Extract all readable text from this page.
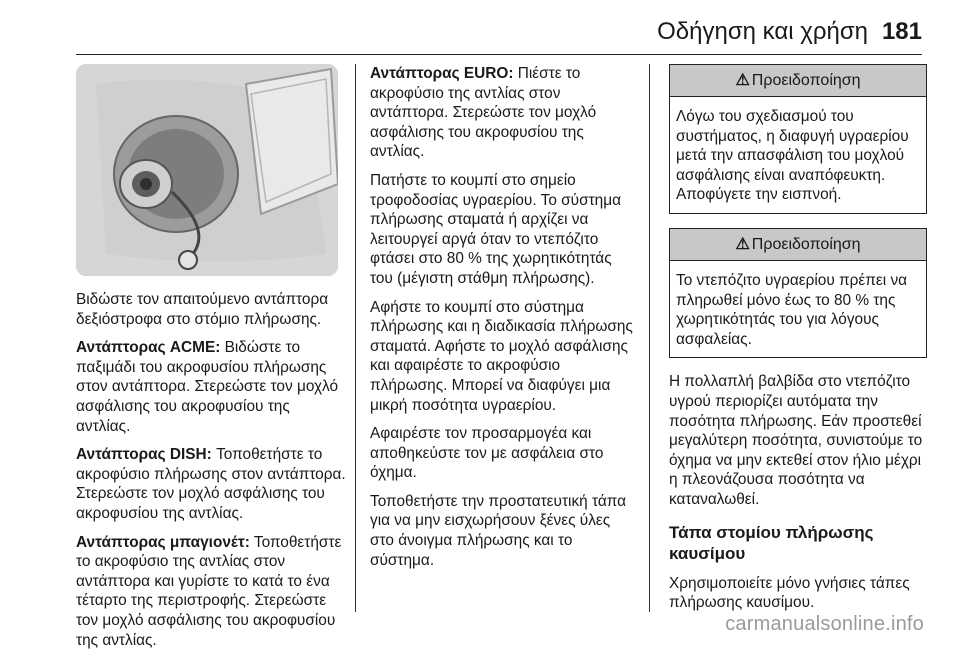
Οδήγηση και χρήση 181

Βιδώστε τον απαιτούμενο αντάπτορα δεξιόστροφα στο στόμιο πλήρωσης.

Αντάπτορας ACME: Βιδώστε το παξιμάδι του ακροφυσίου πλήρωσης στον αντάπτορα. Στερεώστε τον μοχλό ασφάλισης του ακροφυσίου της αντλίας.

Αντάπτορας DISH: Τοποθετήστε το ακροφύσιο πλήρωσης στον αντάπτορα. Στερεώστε τον μοχλό ασφάλισης του ακροφυσίου της αντλίας.

Αντάπτορας μπαγιονέτ: Τοποθετήστε το ακροφύσιο της αντλίας στον αντάπτορα και γυρίστε το κατά το ένα τέταρτο της περιστροφής. Στερεώστε τον μοχλό ασφάλισης του ακροφυσίου της αντλίας.

Αντάπτορας EURO: Πιέστε το ακροφύσιο της αντλίας στον αντάπτορα. Στερεώστε τον μοχλό ασφάλισης του ακροφυσίου της αντλίας.

Πατήστε το κουμπί στο σημείο τροφοδοσίας υγραερίου. Το σύστημα πλήρωσης σταματά ή αρχίζει να λειτουργεί αργά όταν το ντεπόζιτο φτάσει στο 80 % της χωρητικότητάς του (μέγιστη στάθμη πλήρωσης).

Αφήστε το κουμπί στο σύστημα πλήρωσης και η διαδικασία πλήρωσης σταματά. Αφήστε το μοχλό ασφάλισης και αφαιρέστε το ακροφύσιο πλήρωσης. Μπορεί να διαφύγει μια μικρή ποσότητα υγραερίου.

Αφαιρέστε τον προσαρμογέα και αποθηκεύστε τον με ασφάλεια στο όχημα.

Τοποθετήστε την προστατευτική τάπα για να μην εισχωρήσουν ξένες ύλες στο άνοιγμα πλήρωσης και το σύστημα.

⚠ Προειδοποίηση
Λόγω του σχεδιασμού του συστήματος, η διαφυγή υγραερίου μετά την απασφάλιση του μοχλού ασφάλισης είναι αναπόφευκτη. Αποφύγετε την εισπνοή.
⚠ Προειδοποίηση
Το ντεπόζιτο υγραερίου πρέπει να πληρωθεί μόνο έως το 80 % της χωρητικότητάς του για λόγους ασφαλείας.

Η πολλαπλή βαλβίδα στο ντεπόζιτο υγρού περιορίζει αυτόματα την ποσότητα πλήρωσης. Εάν προστεθεί μεγαλύτερη ποσότητα, συνιστούμε το όχημα να μην εκτεθεί στον ήλιο μέχρι η πλεονάζουσα ποσότητα να καταναλωθεί.

Τάπα στομίου πλήρωσης καυσίμου

Χρησιμοποιείτε μόνο γνήσιες τάπες πλήρωσης καυσίμου.

carmanualsonline.info
